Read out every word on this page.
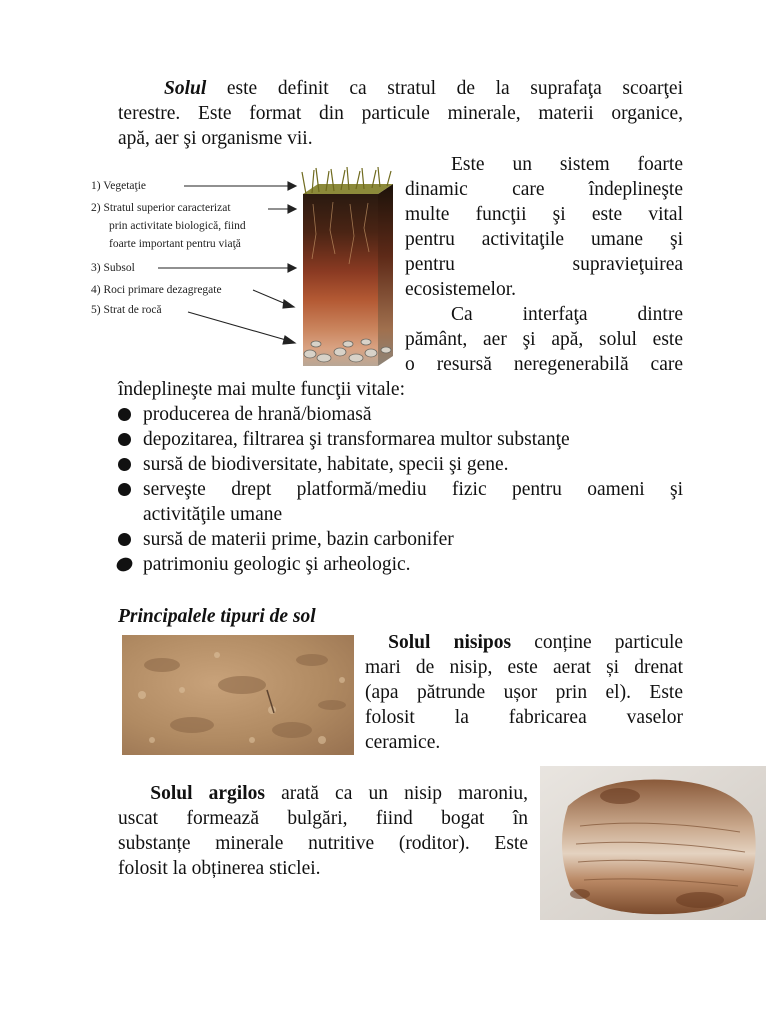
Solul este definit ca stratul de la suprafaţa scoarţei
terestre. Este format din particule minerale, materii organice,
apă, aer şi organisme vii.
1) Vegetaţie
2) Stratul superior caracterizat
prin activitate biologică, fiind
foarte important pentru viaţă
3) Subsol
4) Roci primare dezagregate
5) Strat de rocă
Este un sistem foarte
dinamic care îndeplineşte
multe funcţii şi este vital
pentru activitaţile umane şi
pentru supravieţuirea
ecosistemelor.
Ca interfaţa dintre
pământ, aer şi apă, solul este
o resursă neregenerabilă care
îndeplineşte mai multe funcţii vitale:
producerea de hrană/biomasă
depozitarea, filtrarea şi transformarea multor substanţe
sursă de biodiversitate, habitate, specii şi gene.
serveşte drept platformă/mediu fizic pentru oameni şi
activităţile umane
sursă de materii prime, bazin carbonifer
patrimoniu geologic şi arheologic.
Principalele tipuri de sol
Solul nisipos conține particule
mari de nisip, este aerat și drenat
(apa pătrunde ușor prin el). Este
folosit la fabricarea vaselor
ceramice.
Solul argilos arată ca un nisip maroniu,
uscat formează bulgări, fiind bogat în
substanțe minerale nutritive (roditor). Este
folosit la obținerea sticlei.
